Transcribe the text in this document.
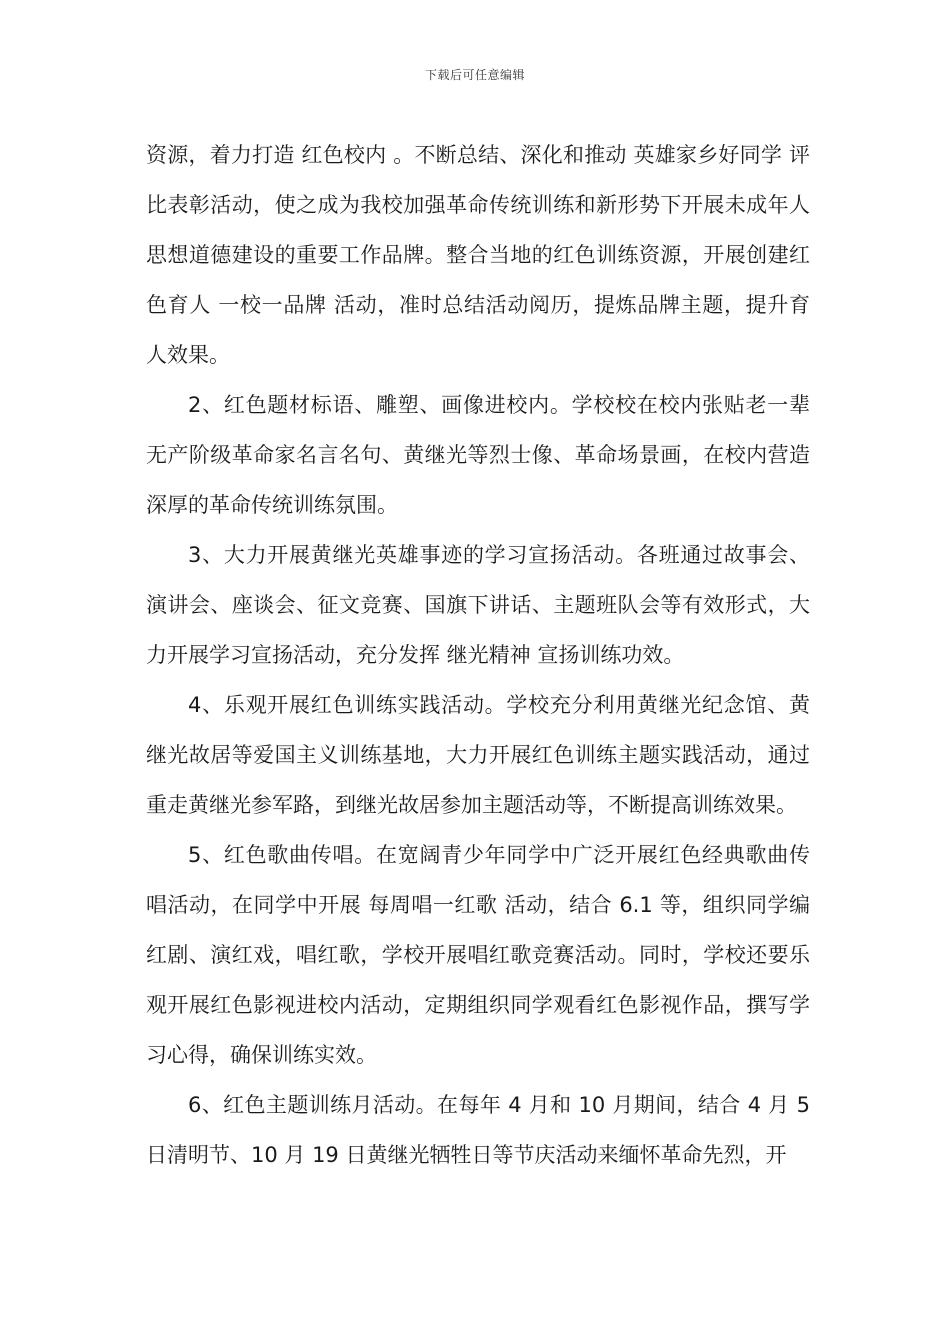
下载后可任意编辑

资源，着力打造 红色校内 。不断总结、深化和推动 英雄家乡好同学 评比表彰活动，使之成为我校加强革命传统训练和新形势下开展未成年人思想道德建设的重要工作品牌。整合当地的红色训练资源，开展创建红色育人 一校一品牌 活动，准时总结活动阅历，提炼品牌主题，提升育人效果。

2、红色题材标语、雕塑、画像进校内。学校校在校内张贴老一辈无产阶级革命家名言名句、黄继光等烈士像、革命场景画，在校内营造深厚的革命传统训练氛围。

3、大力开展黄继光英雄事迹的学习宣扬活动。各班通过故事会、演讲会、座谈会、征文竞赛、国旗下讲话、主题班队会等有效形式，大力开展学习宣扬活动，充分发挥 继光精神 宣扬训练功效。

4、乐观开展红色训练实践活动。学校充分利用黄继光纪念馆、黄继光故居等爱国主义训练基地，大力开展红色训练主题实践活动，通过重走黄继光参军路，到继光故居参加主题活动等，不断提高训练效果。

5、红色歌曲传唱。在宽阔青少年同学中广泛开展红色经典歌曲传唱活动，在同学中开展 每周唱一红歌 活动，结合 6.1 等，组织同学编红剧、演红戏，唱红歌，学校开展唱红歌竞赛活动。同时，学校还要乐观开展红色影视进校内活动，定期组织同学观看红色影视作品，撰写学习心得，确保训练实效。

6、红色主题训练月活动。在每年 4 月和 10 月期间，结合 4 月 5 日清明节、10 月 19 日黄继光牺牲日等节庆活动来缅怀革命先烈，开
